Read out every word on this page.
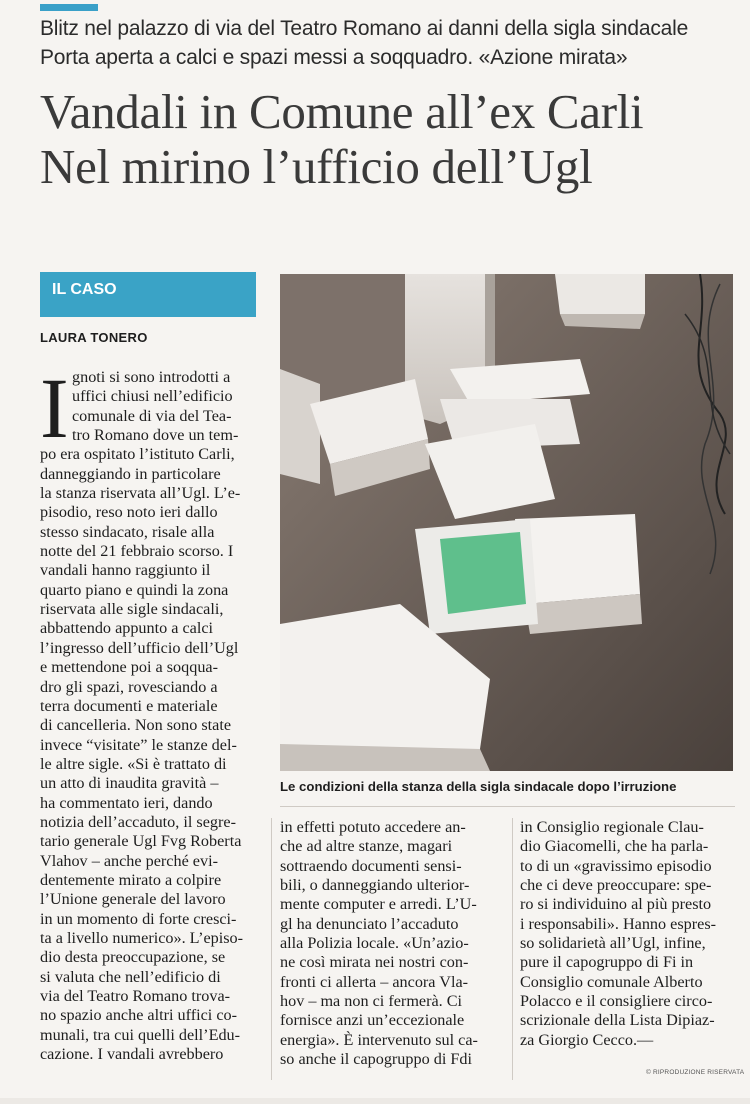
Blitz nel palazzo di via del Teatro Romano ai danni della sigla sindacale
Porta aperta a calci e spazi messi a soqquadro. «Azione mirata»
Vandali in Comune all’ex Carli
Nel mirino l’ufficio dell’Ugl
IL CASO
LAURA TONERO
I gnoti si sono introdotti a
uffici chiusi nell’edificio
comunale di via del Tea-
tro Romano dove un tem-
po era ospitato l’istituto Carli,
danneggiando in particolare
la stanza riservata all’Ugl. L’e-
pisodio, reso noto ieri dallo
stesso sindacato, risale alla
notte del 21 febbraio scorso. I
vandali hanno raggiunto il
quarto piano e quindi la zona
riservata alle sigle sindacali,
abbattendo appunto a calci
l’ingresso dell’ufficio dell’Ugl
e mettendone poi a soqqua-
dro gli spazi, rovesciando a
terra documenti e materiale
di cancelleria. Non sono state
invece “visitate” le stanze del-
le altre sigle. «Si è trattato di
un atto di inaudita gravità –
ha commentato ieri, dando
notizia dell’accaduto, il segre-
tario generale Ugl Fvg Roberta
Vlahov – anche perché evi-
dentemente mirato a colpire
l’Unione generale del lavoro
in un momento di forte cresci-
ta a livello numerico». L’episo-
dio desta preoccupazione, se
si valuta che nell’edificio di
via del Teatro Romano trova-
no spazio anche altri uffici co-
munali, tra cui quelli dell’Edu-
cazione. I vandali avrebbero
Le condizioni della stanza della sigla sindacale dopo l’irruzione
in effetti potuto accedere an-
che ad altre stanze, magari
sottraendo documenti sensi-
bili, o danneggiando ulterior-
mente computer e arredi. L’U-
gl ha denunciato l’accaduto
alla Polizia locale. «Un’azio-
ne così mirata nei nostri con-
fronti ci allerta – ancora Vla-
hov – ma non ci fermerà. Ci
fornisce anzi un’eccezionale
energia». È intervenuto sul ca-
so anche il capogruppo di Fdi
in Consiglio regionale Clau-
dio Giacomelli, che ha parla-
to di un «gravissimo episodio
che ci deve preoccupare: spe-
ro si individuino al più presto
i responsabili». Hanno espres-
so solidarietà all’Ugl, infine,
pure il capogruppo di Fi in
Consiglio comunale Alberto
Polacco e il consigliere circo-
scrizionale della Lista Dipiaz-
za Giorgio Cecco.—
© RIPRODUZIONE RISERVATA
